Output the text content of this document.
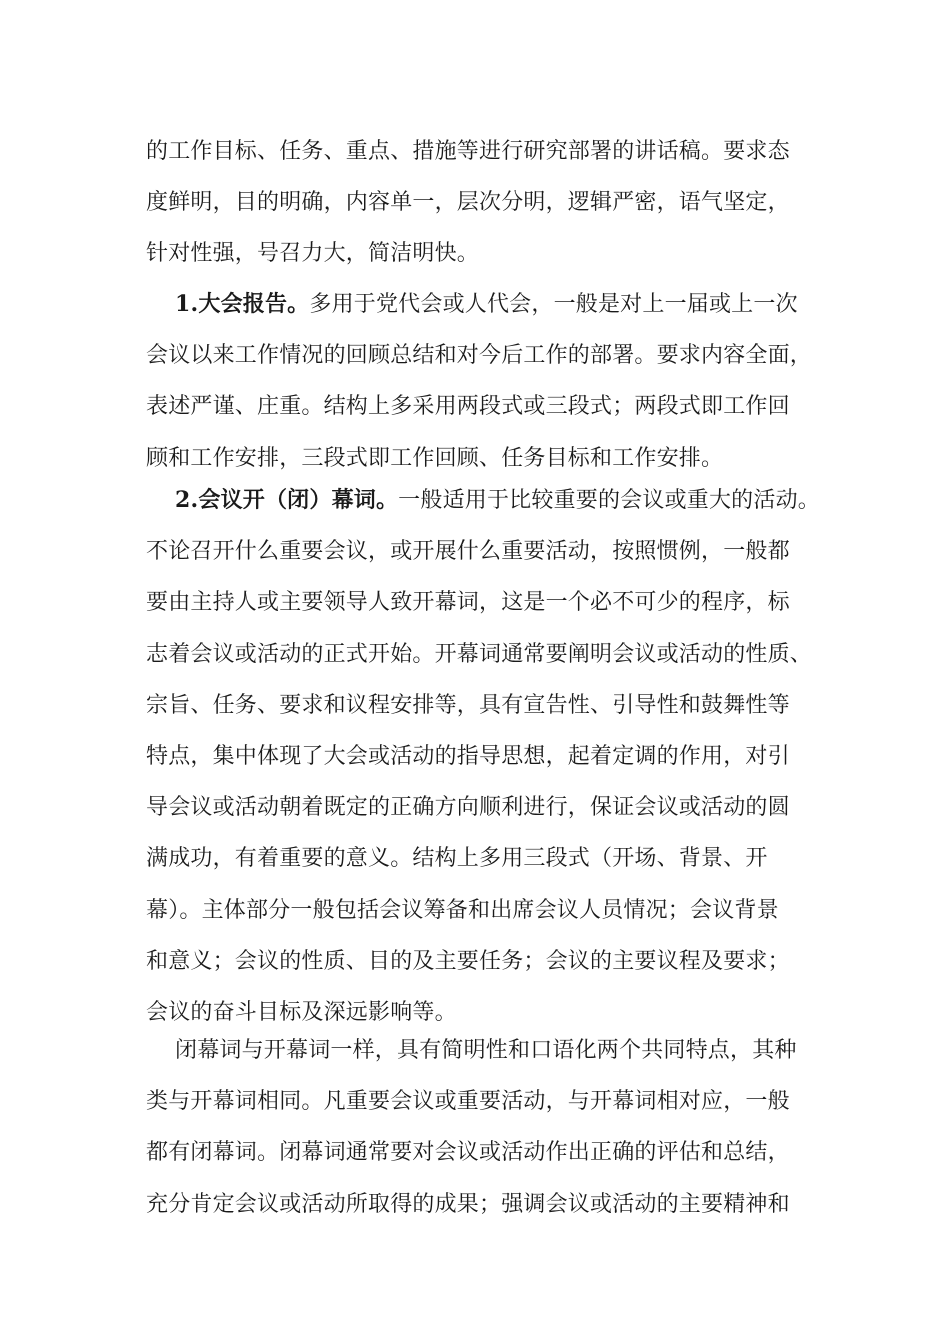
的工作目标、任务、重点、措施等进行研究部署的讲话稿。要求态
度鲜明，目的明确，内容单一，层次分明，逻辑严密，语气坚定，
针对性强，号召力大，简洁明快。
1.大会报告。多用于党代会或人代会，一般是对上一届或上一次
会议以来工作情况的回顾总结和对今后工作的部署。要求内容全面，
表述严谨、庄重。结构上多采用两段式或三段式；两段式即工作回
顾和工作安排，三段式即工作回顾、任务目标和工作安排。
2.会议开（闭）幕词。一般适用于比较重要的会议或重大的活动。
不论召开什么重要会议，或开展什么重要活动，按照惯例，一般都
要由主持人或主要领导人致开幕词，这是一个必不可少的程序，标
志着会议或活动的正式开始。开幕词通常要阐明会议或活动的性质、
宗旨、任务、要求和议程安排等，具有宣告性、引导性和鼓舞性等
特点，集中体现了大会或活动的指导思想，起着定调的作用，对引
导会议或活动朝着既定的正确方向顺利进行，保证会议或活动的圆
满成功，有着重要的意义。结构上多用三段式（开场、背景、开
幕）。主体部分一般包括会议筹备和出席会议人员情况；会议背景
和意义；会议的性质、目的及主要任务；会议的主要议程及要求；
会议的奋斗目标及深远影响等。
闭幕词与开幕词一样，具有简明性和口语化两个共同特点，其种
类与开幕词相同。凡重要会议或重要活动，与开幕词相对应，一般
都有闭幕词。闭幕词通常要对会议或活动作出正确的评估和总结，
充分肯定会议或活动所取得的成果；强调会议或活动的主要精神和
